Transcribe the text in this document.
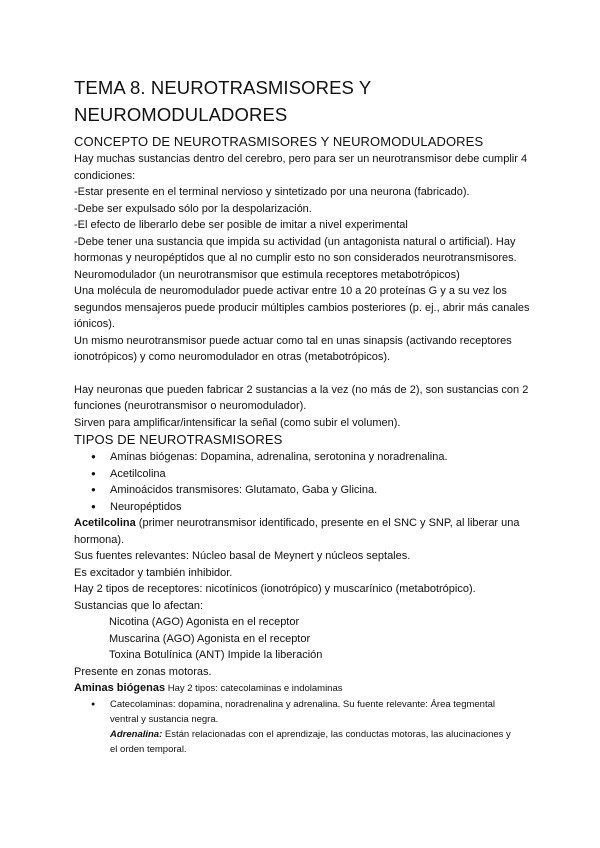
TEMA 8. NEUROTRASMISORES Y
NEUROMODULADORES
CONCEPTO DE NEUROTRASMISORES Y NEUROMODULADORES

Hay muchas sustancias dentro del cerebro, pero para ser un neurotransmisor debe cumplir 4

condiciones:

-Estar presente en el terminal nervioso y sintetizado por una neurona (fabricado).

-Debe ser expulsado sólo por la despolarización.

-El efecto de liberarlo debe ser posible de imitar a nivel experimental

-Debe tener una sustancia que impida su actividad (un antagonista natural o artificial). Hay

hormonas y neuropéptidos que al no cumplir esto no son considerados neurotransmisores.

Neuromodulador (un neurotransmisor que estimula receptores metabotrópicos)

Una molécula de neuromodulador puede activar entre 10 a 20 proteínas G y a su vez los

segundos mensajeros puede producir múltiples cambios posteriores (p. ej., abrir más canales

iónicos).

Un mismo neurotransmisor puede actuar como tal en unas sinapsis (activando receptores

ionotrópicos) y como neuromodulador en otras (metabotrópicos).

Hay neuronas que pueden fabricar 2 sustancias a la vez (no más de 2), son sustancias con 2

funciones (neurotransmisor o neuromodulador).

Sirven para amplificar/intensificar la señal (como subir el volumen).

TIPOS DE NEUROTRASMISORES
● Aminas biógenas: Dopamina, adrenalina, serotonina y noradrenalina.
● Acetilcolina
● Aminoácidos transmisores: Glutamato, Gaba y Glicina.
● Neuropéptidos

Acetilcolina (primer neurotransmisor identificado, presente en el SNC y SNP, al liberar una

hormona).

Sus fuentes relevantes: Núcleo basal de Meynert y núcleos septales.

Es excitador y también inhibidor.

Hay 2 tipos de receptores: nicotínicos (ionotrópico) y muscarínico (metabotrópico).

Sustancias que lo afectan:

Nicotina (AGO) Agonista en el receptor

Muscarina (AGO) Agonista en el receptor

Toxina Botulínica (ANT) Impide la liberación

Presente en zonas motoras.

Aminas biógenas Hay 2 tipos: catecolaminas e indolaminas

● Catecolaminas: dopamina, noradrenalina y adrenalina. Su fuente relevante: Área tegmental
ventral y sustancia negra.
Adrenalina: Están relacionadas con el aprendizaje, las conductas motoras, las alucinaciones y
el orden temporal.
